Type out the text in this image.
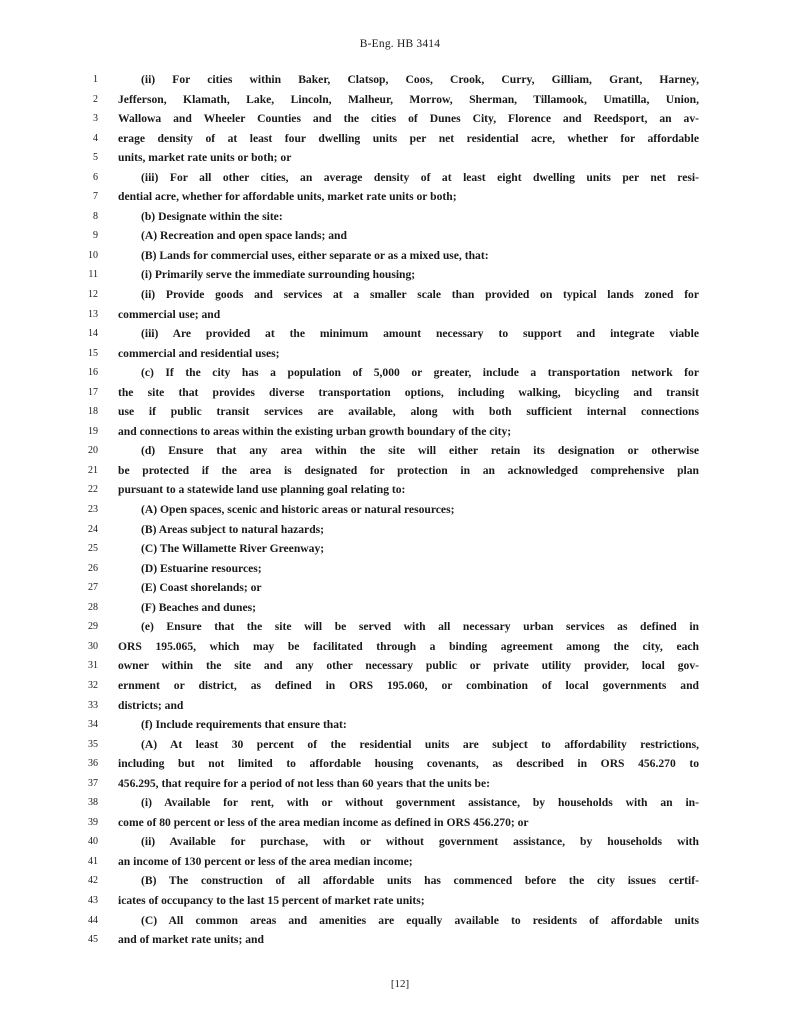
B-Eng. HB 3414
1	(ii) For cities within Baker, Clatsop, Coos, Crook, Curry, Gilliam, Grant, Harney,
2 Jefferson, Klamath, Lake, Lincoln, Malheur, Morrow, Sherman, Tillamook, Umatilla, Union,
3 Wallowa and Wheeler Counties and the cities of Dunes City, Florence and Reedsport, an av-
4 erage density of at least four dwelling units per net residential acre, whether for affordable
5 units, market rate units or both; or
6	(iii) For all other cities, an average density of at least eight dwelling units per net resi-
7 dential acre, whether for affordable units, market rate units or both;
8	(b) Designate within the site:
9	(A) Recreation and open space lands; and
10	(B) Lands for commercial uses, either separate or as a mixed use, that:
11	(i) Primarily serve the immediate surrounding housing;
12	(ii) Provide goods and services at a smaller scale than provided on typical lands zoned for
13 commercial use; and
14	(iii) Are provided at the minimum amount necessary to support and integrate viable
15 commercial and residential uses;
16	(c) If the city has a population of 5,000 or greater, include a transportation network for
17 the site that provides diverse transportation options, including walking, bicycling and transit
18 use if public transit services are available, along with both sufficient internal connections
19 and connections to areas within the existing urban growth boundary of the city;
20	(d) Ensure that any area within the site will either retain its designation or otherwise
21 be protected if the area is designated for protection in an acknowledged comprehensive plan
22 pursuant to a statewide land use planning goal relating to:
23	(A) Open spaces, scenic and historic areas or natural resources;
24	(B) Areas subject to natural hazards;
25	(C) The Willamette River Greenway;
26	(D) Estuarine resources;
27	(E) Coast shorelands; or
28	(F) Beaches and dunes;
29	(e) Ensure that the site will be served with all necessary urban services as defined in
30 ORS 195.065, which may be facilitated through a binding agreement among the city, each
31 owner within the site and any other necessary public or private utility provider, local gov-
32 ernment or district, as defined in ORS 195.060, or combination of local governments and
33 districts; and
34	(f) Include requirements that ensure that:
35	(A) At least 30 percent of the residential units are subject to affordability restrictions,
36 including but not limited to affordable housing covenants, as described in ORS 456.270 to
37 456.295, that require for a period of not less than 60 years that the units be:
38	(i) Available for rent, with or without government assistance, by households with an in-
39 come of 80 percent or less of the area median income as defined in ORS 456.270; or
40	(ii) Available for purchase, with or without government assistance, by households with
41 an income of 130 percent or less of the area median income;
42	(B) The construction of all affordable units has commenced before the city issues certif-
43 icates of occupancy to the last 15 percent of market rate units;
44	(C) All common areas and amenities are equally available to residents of affordable units
45 and of market rate units; and
[12]
